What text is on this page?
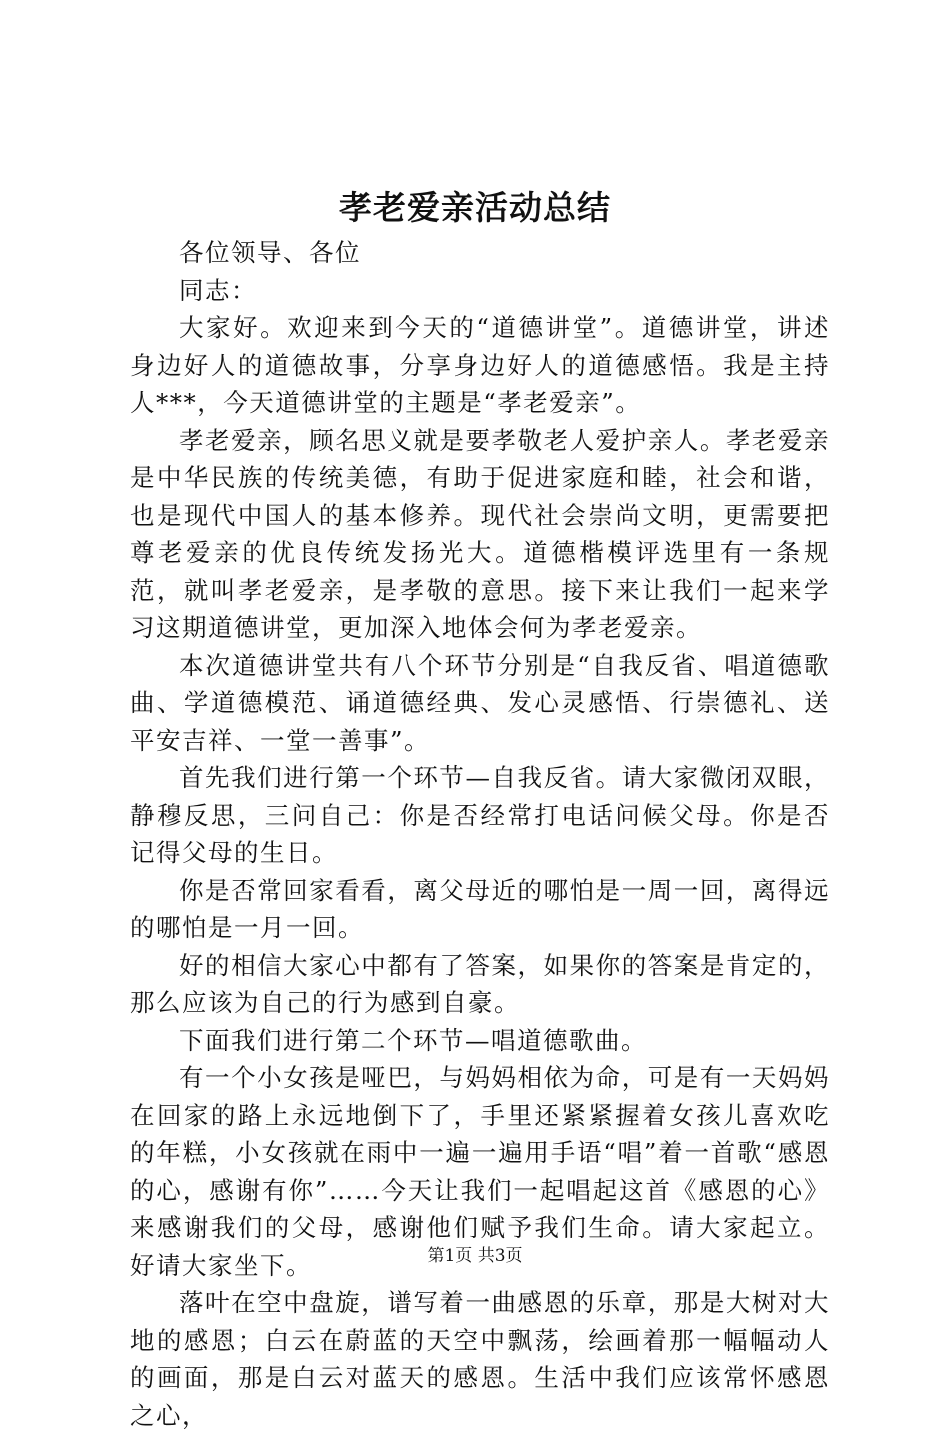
孝老爱亲活动总结

各位领导、各位

同志：

大家好。欢迎来到今天的“道德讲堂”。道德讲堂，讲述身边好人的道德故事，分享身边好人的道德感悟。我是主持人***，今天道德讲堂的主题是“孝老爱亲”。

孝老爱亲，顾名思义就是要孝敬老人爱护亲人。孝老爱亲是中华民族的传统美德，有助于促进家庭和睦，社会和谐，也是现代中国人的基本修养。现代社会崇尚文明，更需要把尊老爱亲的优良传统发扬光大。道德楷模评选里有一条规范，就叫孝老爱亲，是孝敬的意思。接下来让我们一起来学习这期道德讲堂，更加深入地体会何为孝老爱亲。

本次道德讲堂共有八个环节分别是“自我反省、唱道德歌曲、学道德模范、诵道德经典、发心灵感悟、行崇德礼、送平安吉祥、一堂一善事”。

首先我们进行第一个环节—自我反省。请大家微闭双眼，静穆反思，三问自己：你是否经常打电话问候父母。你是否记得父母的生日。

你是否常回家看看，离父母近的哪怕是一周一回，离得远的哪怕是一月一回。

好的相信大家心中都有了答案，如果你的答案是肯定的，那么应该为自己的行为感到自豪。

下面我们进行第二个环节—唱道德歌曲。

有一个小女孩是哑巴，与妈妈相依为命，可是有一天妈妈在回家的路上永远地倒下了，手里还紧紧握着女孩儿喜欢吃的年糕，小女孩就在雨中一遍一遍用手语“唱”着一首歌“感恩的心，感谢有你”……今天让我们一起唱起这首《感恩的心》来感谢我们的父母，感谢他们赋予我们生命。请大家起立。好请大家坐下。

落叶在空中盘旋，谱写着一曲感恩的乐章，那是大树对大地的感恩；白云在蔚蓝的天空中飘荡，绘画着那一幅幅动人的画面，那是白云对蓝天的感恩。生活中我们应该常怀感恩之心，

第1页 共3页
